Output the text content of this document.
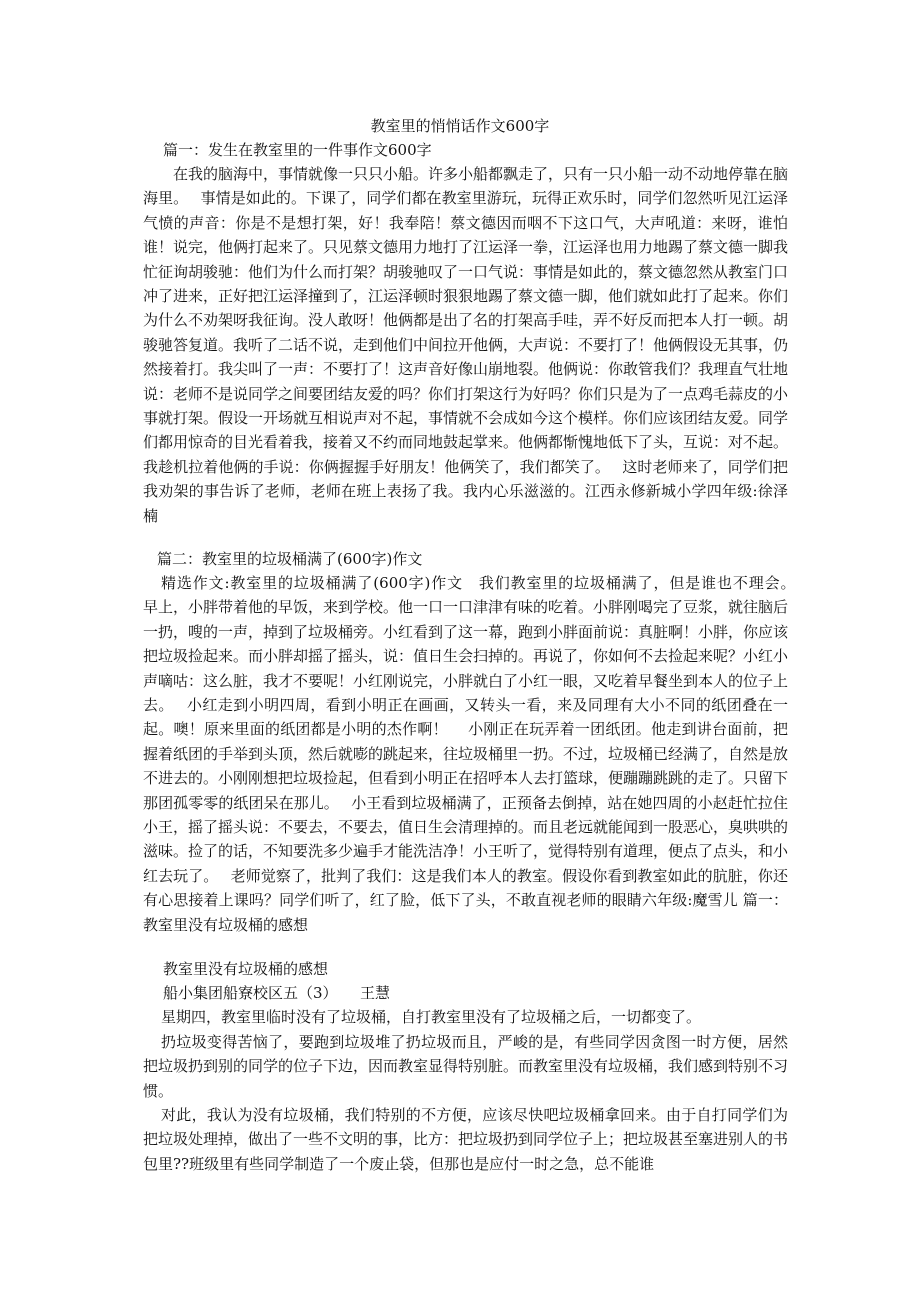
教室里的悄悄话作文600字

篇一：发生在教室里的一件事作文600字

在我的脑海中，事情就像一只只小船。许多小船都飘走了，只有一只小船一动不动地停靠在脑海里。　 事情是如此的。下课了，同学们都在教室里游玩，玩得正欢乐时，同学们忽然听见江运泽气愤的声音：你是不是想打架，好！我奉陪！蔡文德因而咽不下这口气，大声吼道：来呀，谁怕谁！说完，他俩打起来了。只见蔡文德用力地打了江运泽一拳，江运泽也用力地踢了蔡文德一脚我忙征询胡骏驰：他们为什么而打架？胡骏驰叹了一口气说：事情是如此的，蔡文德忽然从教室门口冲了进来，正好把江运泽撞到了，江运泽顿时狠狠地踢了蔡文德一脚，他们就如此打了起来。你们为什么不劝架呀我征询。没人敢呀！他俩都是出了名的打架高手哇，弄不好反而把本人打一顿。胡骏驰答复道。我听了二话不说，走到他们中间拉开他俩，大声说：不要打了！他俩假设无其事，仍然接着打。我尖叫了一声：不要打了！这声音好像山崩地裂。他俩说：你敢管我们？我理直气壮地说：老师不是说同学之间要团结友爱的吗？你们打架这行为好吗？你们只是为了一点鸡毛蒜皮的小事就打架。假设一开场就互相说声对不起，事情就不会成如今这个模样。你们应该团结友爱。同学们都用惊奇的目光看着我，接着又不约而同地鼓起掌来。他俩都惭愧地低下了头，互说：对不起。我趁机拉着他俩的手说：你俩握握手好朋友！他俩笑了，我们都笑了。　 这时老师来了，同学们把我劝架的事告诉了老师，老师在班上表扬了我。我内心乐滋滋的。江西永修新城小学四年级:徐泽楠

篇二：教室里的垃圾桶满了(600字)作文

精选作文:教室里的垃圾桶满了(600字)作文　我们教室里的垃圾桶满了，但是谁也不理会。　 早上，小胖带着他的早饭，来到学校。他一口一口津津有味的吃着。小胖刚喝完了豆浆，就往脑后一扔，嗖的一声，掉到了垃圾桶旁。小红看到了这一幕，跑到小胖面前说：真脏啊！小胖，你应该把垃圾捡起来。而小胖却摇了摇头，说：值日生会扫掉的。再说了，你如何不去捡起来呢？小红小声嘀咕：这么脏，我才不要呢！小红刚说完，小胖就白了小红一眼，又吃着早餐坐到本人的位子上去。　 小红走到小明四周，看到小明正在画画，又转头一看，来及同理有大小不同的纸团叠在一起。噢！原来里面的纸团都是小明的杰作啊！　 小刚正在玩弄着一团纸团。他走到讲台面前，把握着纸团的手举到头顶，然后就嘭的跳起来，往垃圾桶里一扔。不过，垃圾桶已经满了，自然是放不进去的。小刚刚想把垃圾捡起，但看到小明正在招呼本人去打篮球，便蹦蹦跳跳的走了。只留下那团孤零零的纸团呆在那儿。　 小王看到垃圾桶满了，正预备去倒掉，站在她四周的小赵赶忙拉住小王，摇了摇头说：不要去，不要去，值日生会清理掉的。而且老远就能闻到一股恶心，臭哄哄的滋味。捡了的话，不知要洗多少遍手才能洗洁净！小王听了，觉得特别有道理，便点了点头，和小红去玩了。　 老师觉察了，批判了我们：这是我们本人的教室。假设你看到教室如此的肮脏，你还有心思接着上课吗？同学们听了，红了脸，低下了头，不敢直视老师的眼睛六年级:魔雪儿 篇一：教室里没有垃圾桶的感想

教室里没有垃圾桶的感想

船小集团船寮校区五（3）　　王慧

星期四，教室里临时没有了垃圾桶，自打教室里没有了垃圾桶之后，一切都变了。

扔垃圾变得苦恼了，要跑到垃圾堆了扔垃圾而且，严峻的是，有些同学因贪图一时方便，居然把垃圾扔到别的同学的位子下边，因而教室显得特别脏。而教室里没有垃圾桶，我们感到特别不习惯。

对此，我认为没有垃圾桶，我们特别的不方便，应该尽快吧垃圾桶拿回来。由于自打同学们为把垃圾处理掉，做出了一些不文明的事，比方：把垃圾扔到同学位子上；把垃圾甚至塞进别人的书包里??班级里有些同学制造了一个废止袋，但那也是应付一时之急，总不能谁
